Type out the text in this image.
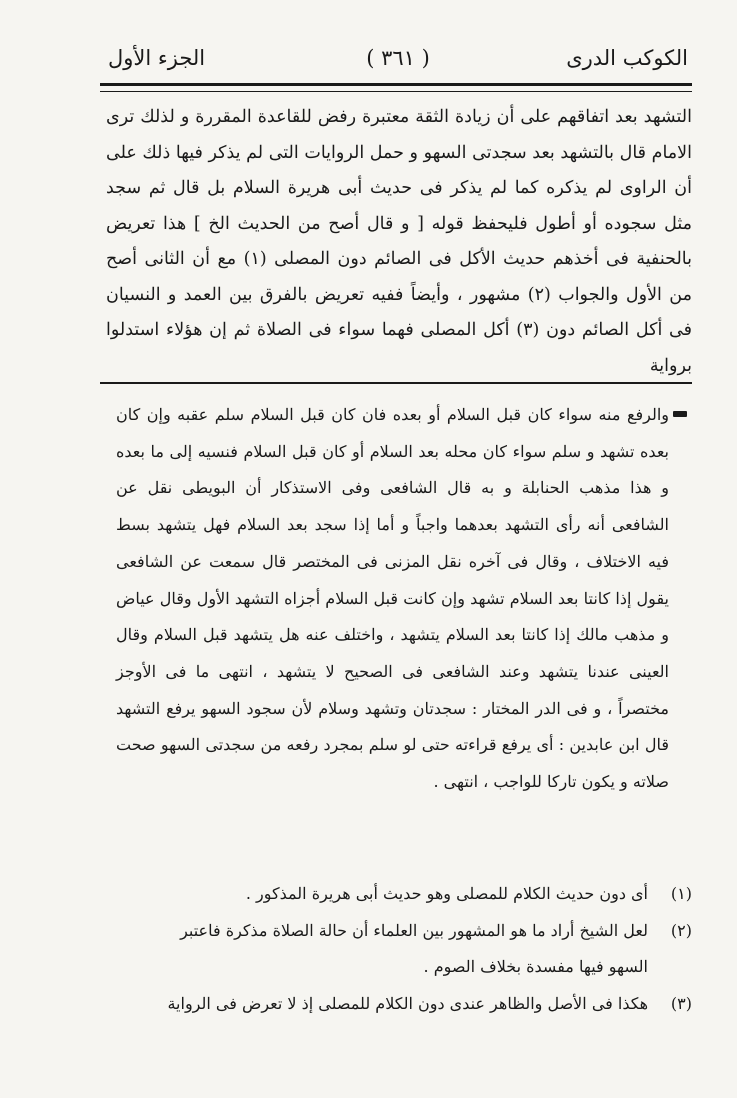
الكوكب الدرى
( ٣٦١ )
الجزء الأول

التشهد بعد اتفاقهم على أن زيادة الثقة معتبرة رفض للقاعدة المقررة و لذلك ترى الامام قال بالتشهد بعد سجدتى السهو و حمل الروايات التى لم يذكر فيها ذلك على أن الراوى لم يذكره كما لم يذكر فى حديث أبى هريرة السلام بل قال ثم سجد مثل سجوده أو أطول فليحفظ قوله [ و قال أصح من الحديث الخ ] هذا تعريض بالحنفية فى أخذهم حديث الأكل فى الصائم دون المصلى (١) مع أن الثانى أصح من الأول والجواب (٢) مشهور ، وأيضاً ففيه تعريض بالفرق بين العمد و النسيان فى أكل الصائم دون (٣) أكل المصلى فهما سواء فى الصلاة ثم إن هؤلاء استدلوا برواية

والرفع منه سواء كان قبل السلام أو بعده فان كان قبل السلام سلم عقبه وإن كان بعده تشهد و سلم سواء كان محله بعد السلام أو كان قبل السلام فنسيه إلى ما بعده و هذا مذهب الحنابلة و به قال الشافعى وفى الاستذكار أن البويطى نقل عن الشافعى أنه رأى التشهد بعدهما واجباً و أما إذا سجد بعد السلام فهل يتشهد بسط فيه الاختلاف ، وقال فى آخره نقل المزنى فى المختصر قال سمعت عن الشافعى يقول إذا كانتا بعد السلام تشهد وإن كانت قبل السلام أجزاه التشهد الأول وقال عياض و مذهب مالك إذا كانتا بعد السلام يتشهد ، واختلف عنه هل يتشهد قبل السلام وقال العينى عندنا يتشهد وعند الشافعى فى الصحيح لا يتشهد ، انتهى ما فى الأوجز مختصراً ، و فى الدر المختار : سجدتان وتشهد وسلام لأن سجود السهو يرفع التشهد قال ابن عابدين : أى يرفع قراءته حتى لو سلم بمجرد رفعه من سجدتى السهو صحت صلاته و يكون تاركا للواجب ، انتهى .

(١)
أى دون حديث الكلام للمصلى وهو حديث أبى هريرة المذكور .
(٢)
لعل الشيخ أراد ما هو المشهور بين العلماء أن حالة الصلاة مذكرة فاعتبر
السهو فيها مفسدة بخلاف الصوم .
(٣)
هكذا فى الأصل والظاهر عندى دون الكلام للمصلى إذ لا تعرض فى الرواية
